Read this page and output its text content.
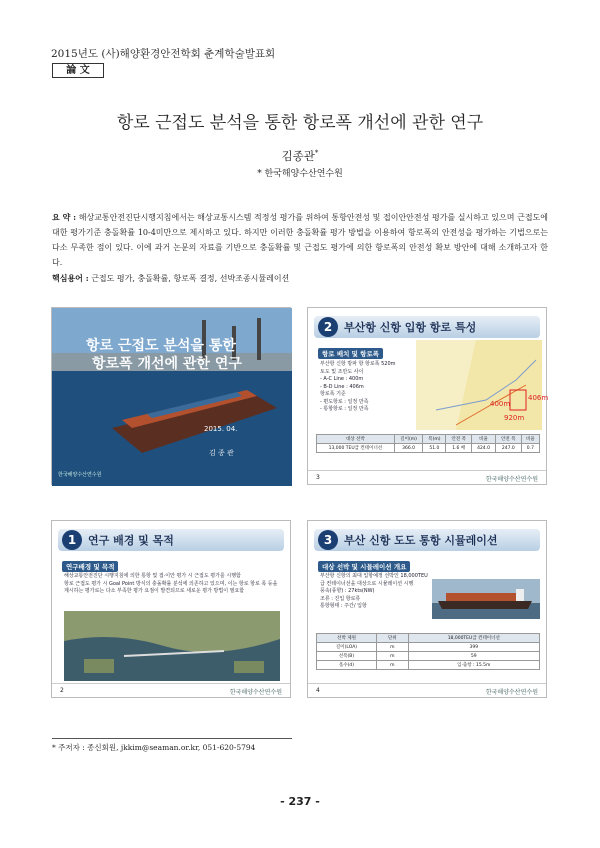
2015년도 (사)해양환경안전학회 춘계학술발표회
論 文
항로 근접도 분석을 통한 항로폭 개선에 관한 연구
김종관*
* 한국해양수산연수원
요 약 : 해상교통안전진단시행지침에서는 해상교통시스템 적정성 평가를 위하여 통항안전성 및 접이안안전성 평가를 실시하고 있으며 근접도에 대한 평가기준 충돌확률 10-4미만으로 제시하고 있다. 하지만 이러한 충돌확률 평가 방법을 이용하여 항로폭의 안전성을 평가하는 기법으로는 다소 무족한 점이 있다. 이에 과거 논문의 자료를 기반으로 충돌확률 및 근접도 평가에 의한 항로폭의 안전성 확보 방안에 대해 소개하고자 한다.
핵심용어 : 근접도 평가, 충돌확률, 항로폭 결정, 선박조종시뮬레이션
항로 근접도 분석을 통한
항로폭 개선에 관한 연구
2015. 04.
김 종 관
한국해양수산연수원
2	부산항 신항 입항 항로 특성
항로 배치 및 항로폭
부산항 신항 방파 항 항로폭 520m
토도 및 조만도 사이
- A-C Line : 400m
- B-D Line : 406m
항로폭 기준
- 편도항로 : 일정 만족
- 통항항로 : 일정 만족
406m
400m
920m
대상 선박	길이(m)	폭(m)	안전 폭	비율	안전 폭	비율
13,000 TEU급 컨테이너선	366.0	51.0	1.6 배	424.0	247.0	0.7
3	한국해양수산연수원
1	연구 배경 및 목적
연구배경 및 목적
해상교통안전진단 시행지침에 의한 통항 및 접·이안 평가 시 근접도 평가를 시행함
항로 근접도 평가 시 Goal Point 방식의 충돌확률 분석에 의존하고 있으며, 이는 항로 항로 폭 등을 제시하는 평가로는 다소 부족한 평가 요점이 발견되므로 새로운 평가 방법이 필요함
2	한국해양수산연수원
3	부산 신항 도도 통항 시뮬레이션
대상 선박 및 시뮬레이션 개요
부산항 신항의 최대 입항예정 선박인 18,000TEU급 컨테이너선을 대상으로 시뮬레이션 시행
풍속(풍향) : 27kts(NW)
조류 : 진입 항로류
통항형태 : 주간/ 입항
선박 제원	단위	18,000TEU급 컨테이너선
길이(LOA)	m	399
선폭(B)	m	59
흘수(d)	m	입·출항 : 15.5m
4	한국해양수산연수원
* 주저자 : 종신회원, jkkim@seaman.or.kr, 051-620-5794
- 237 -
